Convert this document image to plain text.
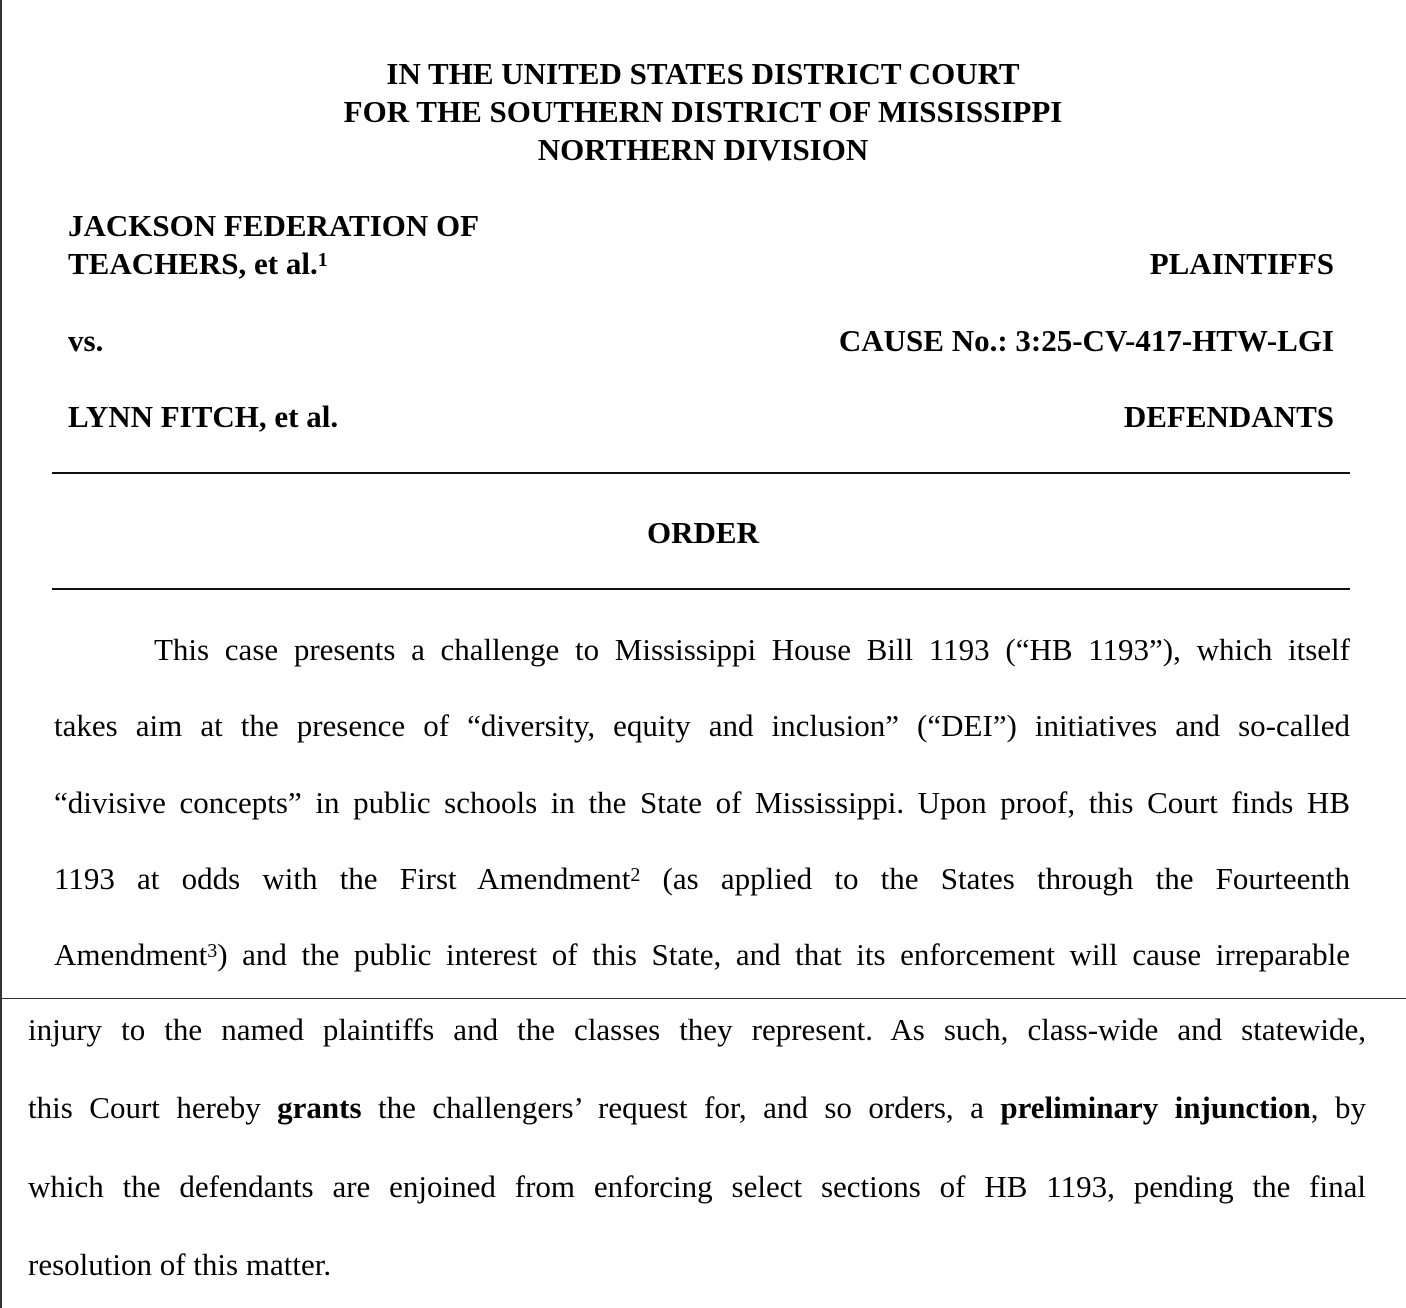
IN THE UNITED STATES DISTRICT COURT
FOR THE SOUTHERN DISTRICT OF MISSISSIPPI
NORTHERN DIVISION
JACKSON FEDERATION OF
TEACHERS, et al.$^1$	PLAINTIFFS
vs.	CAUSE No.: 3:25-CV-417-HTW-LGI
LYNN FITCH, et al.	DEFENDANTS
ORDER
This case presents a challenge to Mississippi House Bill 1193 (“HB 1193”), which itself
takes aim at the presence of “diversity, equity and inclusion” (“DEI”) initiatives and so-called
“divisive concepts” in public schools in the State of Mississippi. Upon proof, this Court finds HB
1193 at odds with the First Amendment$^2$ (as applied to the States through the Fourteenth
Amendment$^3$) and the public interest of this State, and that its enforcement will cause irreparable
injury to the named plaintiffs and the classes they represent. As such, class-wide and statewide,
this Court hereby grants the challengers’ request for, and so orders, a preliminary injunction, by
which the defendants are enjoined from enforcing select sections of HB 1193, pending the final
resolution of this matter.
